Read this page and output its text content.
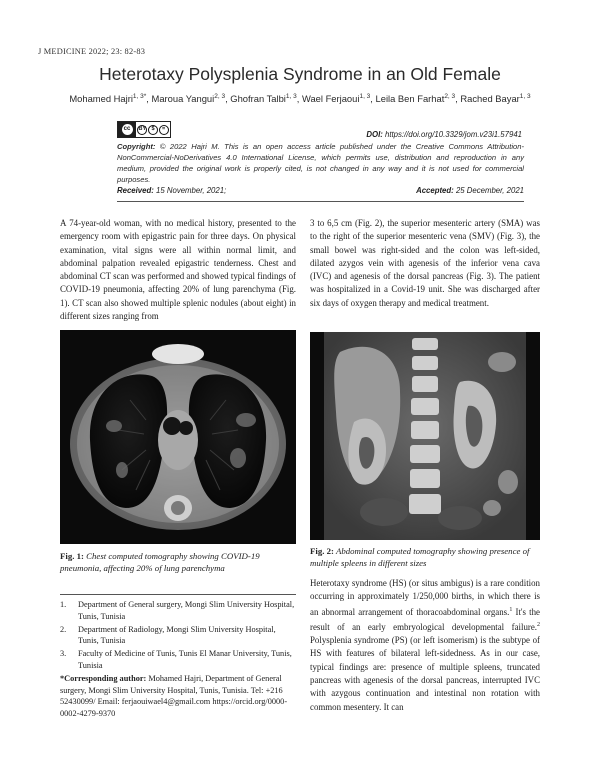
J MEDICINE 2022; 23: 82-83
Heterotaxy Polysplenia Syndrome in an Old Female
Mohamed Hajri$^{1, 3*}$, Maroua Yangui$^{2, 3}$, Ghofran Talbi$^{1, 3}$, Wael Ferjaoui$^{1, 3}$, Leila Ben Farhat$^{2, 3}$, Rached Bayar$^{1, 3}$
cc	BY $	=
DOI: https://doi.org/10.3329/jom.v23i1.57941
Copyright: © 2022 Hajri M. This is an open access article published under the Creative Commons Attribution-NonCommercial-NoDerivatives 4.0 International License, which permits use, distribution and reproduction in any medium, provided the original work is properly cited, is not changed in any way and it is not used for commercial purposes.
Received: 15 November, 2021;	Accepted: 25 December, 2021
A 74-year-old woman, with no medical history, presented to the emergency room with epigastric pain for three days. On physical examination, vital signs were all within normal limit, and abdominal palpation revealed epigastric tenderness. Chest and abdominal CT scan was performed and showed typical findings of COVID-19 pneumonia, affecting 20% of lung parenchyma (Fig. 1). CT scan also showed multiple splenic nodules (about eight) in different sizes ranging from
Fig. 1: Chest computed tomography showing COVID-19 pneumonia, affecting 20% of lung parenchyma
1.	Department of General surgery, Mongi Slim University Hospital, Tunis, Tunisia
2.	Department of Radiology, Mongi Slim University Hospital, Tunis, Tunisia
3.	Faculty of Medicine of Tunis, Tunis El Manar University, Tunis, Tunisia
*Corresponding author: Mohamed Hajri, Department of General surgery, Mongi Slim University Hospital, Tunis, Tunisia. Tel: +216 52430099/ Email: ferjaouiwael4@gmail.com https://orcid.org/0000-0002-4279-9370
3 to 6,5 cm (Fig. 2), the superior mesenteric artery (SMA) was to the right of the superior mesenteric vena (SMV) (Fig. 3), the small bowel was right-sided and the colon was left-sided, dilated azygos vein with agenesis of the inferior vena cava (IVC) and agenesis of the dorsal pancreas (Fig. 3). The patient was hospitalized in a Covid-19 unit. She was discharged after six days of oxygen therapy and medical treatment.
Fig. 2: Abdominal computed tomography showing presence of multiple spleens in different sizes
Heterotaxy syndrome (HS) (or situs ambigus) is a rare condition occurring in approximately 1/250,000 births, in which there is an abnormal arrangement of thoracoabdominal organs.$^1$ It's the result of an early embryological developmental failure.$^2$ Polysplenia syndrome (PS) (or left isomerism) is the subtype of HS with features of bilateral left-sidedness. As in our case, typical findings are: presence of multiple spleens, truncated pancreas with agenesis of the dorsal pancreas, interrupted IVC with azygous continuation and intestinal non rotation with common mesentery. It can
